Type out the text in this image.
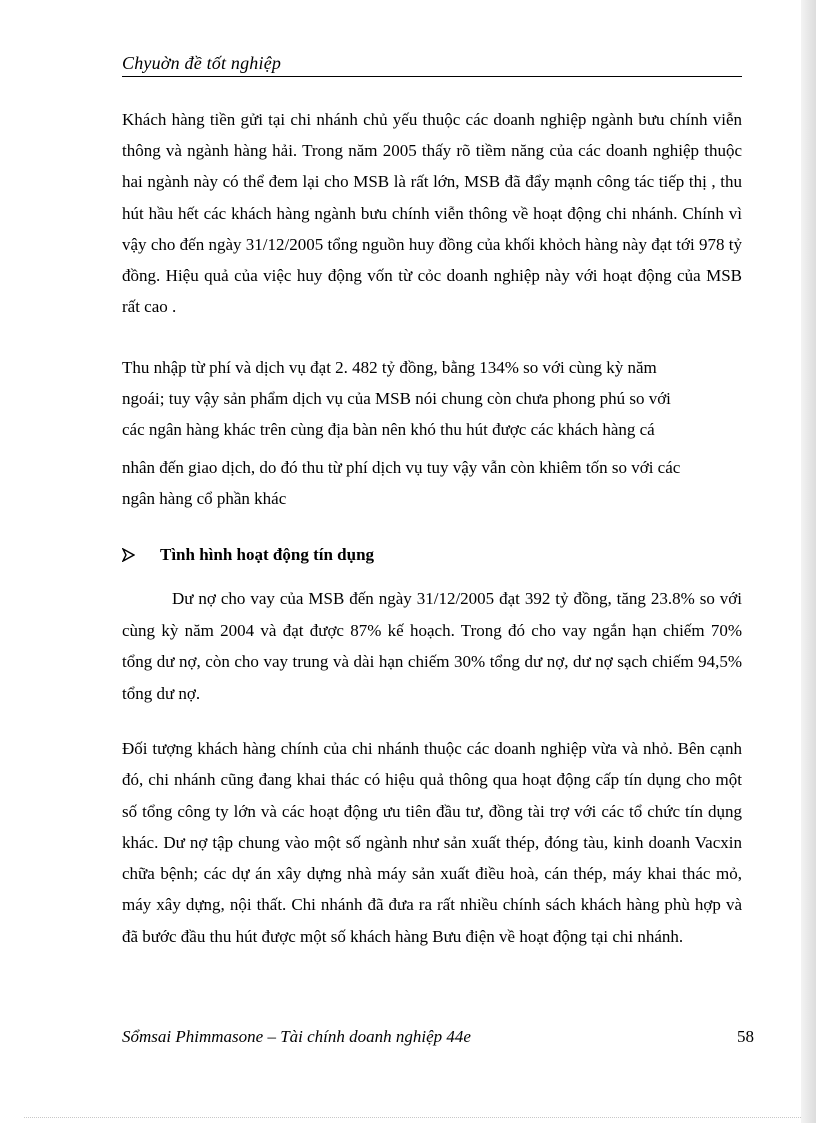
Chyuờn đề tốt nghiệp

Khách hàng tiền gửi tại chi nhánh chủ yếu thuộc các doanh nghiệp ngành bưu chính viễn thông và ngành hàng hải. Trong năm 2005 thấy rõ tiềm năng của các doanh nghiệp thuộc hai ngành này có thể đem lại cho MSB là rất lớn, MSB đã đẩy mạnh công tác tiếp thị , thu hút hầu hết các khách hàng ngành bưu chính viễn thông về hoạt động chi nhánh. Chính vì vậy cho đến ngày 31/12/2005 tổng nguồn huy đồng của khối khỏch hàng này đạt tới 978 tỷ đồng. Hiệu quả của việc huy động vốn từ cỏc doanh nghiệp này với hoạt động của MSB rất cao .

Thu nhập từ phí và dịch vụ đạt 2. 482 tỷ đồng, bằng 134% so với cùng kỳ năm
ngoái; tuy vậy sản phẩm dịch vụ của MSB nói chung còn chưa phong phú so với
các ngân hàng khác trên cùng địa bàn nên khó thu hút được các khách hàng cá
nhân đến giao dịch, do đó thu từ phí dịch vụ tuy vậy vẫn còn khiêm tốn so với các
ngân hàng cổ phần khác
Tình hình hoạt động tín dụng

Dư nợ cho vay của MSB đến ngày 31/12/2005 đạt 392 tỷ đồng, tăng 23.8% so với cùng kỳ năm 2004 và đạt được 87% kế hoạch. Trong đó cho vay ngắn hạn chiếm 70% tổng dư nợ, còn cho vay trung và dài hạn chiếm 30% tổng dư nợ, dư nợ sạch chiếm 94,5% tổng dư nợ.

Đối tượng khách hàng chính của chi nhánh thuộc các doanh nghiệp vừa và nhỏ. Bên cạnh đó, chi nhánh cũng đang khai thác có hiệu quả thông qua hoạt động cấp tín dụng cho một số tổng công ty lớn và các hoạt động ưu tiên đầu tư, đồng tài trợ với các tổ chức tín dụng khác. Dư nợ tập chung vào một số ngành như sản xuất thép, đóng tàu, kinh doanh Vacxin chữa bệnh; các dự án xây dựng nhà máy sản xuất điều hoà, cán thép, máy khai thác mỏ, máy xây dựng, nội thất. Chi nhánh đã đưa ra rất nhiều chính sách khách hàng phù hợp và đã bước đầu thu hút được một số khách hàng Bưu điện về hoạt động tại chi nhánh.

Sổmsai Phimmasone – Tài chính doanh nghiệp 44e	58
